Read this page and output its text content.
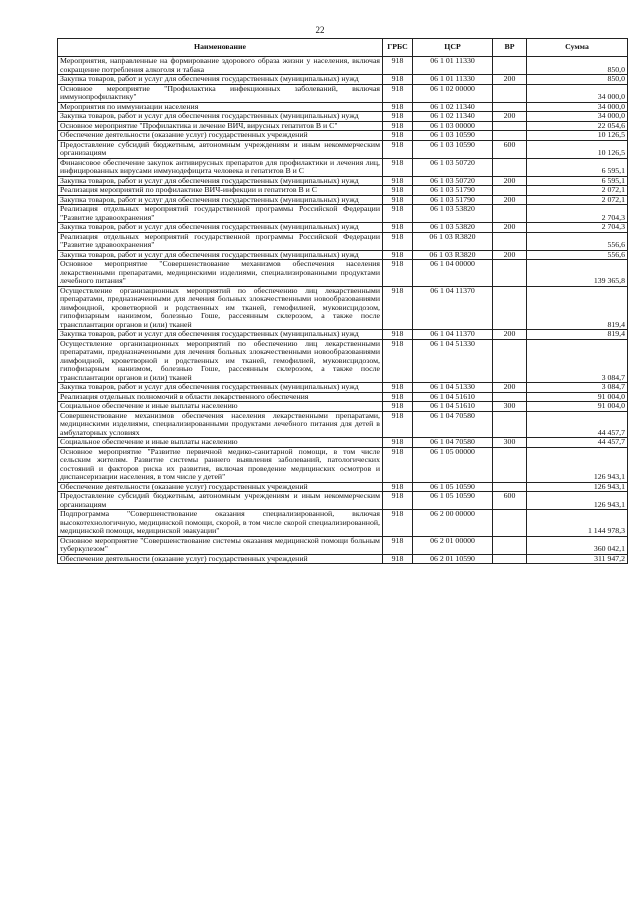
22
Наименование	ГРБС	ЦСР	ВР	Сумма
Мероприятия, направленные на формирование здорового образа жизни у населения, включая сокращение потребления алкоголя и табака	918	06 1 01 11330		850,0
Закупка товаров, работ и услуг для обеспечения государственных (муниципальных) нужд	918	06 1 01 11330	200	850,0
Основное мероприятие "Профилактика инфекционных заболеваний, включая иммунопрофилактику"	918	06 1 02 00000		34 000,0
Мероприятия по иммунизации населения	918	06 1 02 11340		34 000,0
Закупка товаров, работ и услуг для обеспечения государственных (муниципальных) нужд	918	06 1 02 11340	200	34 000,0
Основное мероприятие "Профилактика и лечение ВИЧ, вирусных гепатитов В и С"	918	06 1 03 00000		22 054,6
Обеспечение деятельности (оказание услуг) государственных учреждений	918	06 1 03 10590		10 126,5
Предоставление субсидий бюджетным, автономным учреждениям и иным некоммерческим организациям	918	06 1 03 10590	600	10 126,5
Финансовое обеспечение закупок антивирусных препаратов для профилактики и лечения лиц, инфицированных вирусами иммунодефицита человека и гепатитов В и С	918	06 1 03 50720		6 595,1
Закупка товаров, работ и услуг для обеспечения государственных (муниципальных) нужд	918	06 1 03 50720	200	6 595,1
Реализация мероприятий по профилактике ВИЧ-инфекции и гепатитов В и С	918	06 1 03 51790		2 072,1
Закупка товаров, работ и услуг для обеспечения государственных (муниципальных) нужд	918	06 1 03 51790	200	2 072,1
Реализация отдельных мероприятий государственной программы Российской Федерации "Развитие здравоохранения"	918	06 1 03 53820		2 704,3
Закупка товаров, работ и услуг для обеспечения государственных (муниципальных) нужд	918	06 1 03 53820	200	2 704,3
Реализация отдельных мероприятий государственной программы Российской Федерации "Развитие здравоохранения"	918	06 1 03 R3820		556,6
Закупка товаров, работ и услуг для обеспечения государственных (муниципальных) нужд	918	06 1 03 R3820	200	556,6
Основное мероприятие "Совершенствование механизмов обеспечения населения лекарственными препаратами, медицинскими изделиями, специализированными продуктами лечебного питания"	918	06 1 04 00000		139 365,8
Осуществление организационных мероприятий по обеспечению лиц лекарственными препаратами, предназначенными для лечения больных злокачественными новообразованиями лимфоидной, кроветворной и родственных им тканей, гемофилией, муковисцидозом, гипофизарным нанизмом, болезнью Гоше, рассеянным склерозом, а также после трансплантации органов и (или) тканей	918	06 1 04 11370		819,4
Закупка товаров, работ и услуг для обеспечения государственных (муниципальных) нужд	918	06 1 04 11370	200	819,4
Осуществление организационных мероприятий по обеспечению лиц лекарственными препаратами, предназначенными для лечения больных злокачественными новообразованиями лимфоидной, кроветворной и родственных им тканей, гемофилией, муковисцидозом, гипофизарным нанизмом, болезнью Гоше, рассеянным склерозом, а также после трансплантации органов и (или) тканей	918	06 1 04 51330		3 084,7
Закупка товаров, работ и услуг для обеспечения государственных (муниципальных) нужд	918	06 1 04 51330	200	3 084,7
Реализация отдельных полномочий в области лекарственного обеспечения	918	06 1 04 51610		91 004,0
Социальное обеспечение и иные выплаты населению	918	06 1 04 51610	300	91 004,0
Совершенствование механизмов обеспечения населения лекарственными препаратами, медицинскими изделиями, специализированными продуктами лечебного питания для детей в амбулаторных условиях	918	06 1 04 70580		44 457,7
Социальное обеспечение и иные выплаты населению	918	06 1 04 70580	300	44 457,7
Основное мероприятие "Развитие первичной медико-санитарной помощи, в том числе сельским жителям. Развитие системы раннего выявления заболеваний, патологических состояний и факторов риска их развития, включая проведение медицинских осмотров и диспансеризации населения, в том числе у детей"	918	06 1 05 00000		126 943,1
Обеспечение деятельности (оказание услуг) государственных учреждений	918	06 1 05 10590		126 943,1
Предоставление субсидий бюджетным, автономным учреждениям и иным некоммерческим организациям	918	06 1 05 10590	600	126 943,1
Подпрограмма "Совершенствование оказания специализированной, включая высокотехнологичную, медицинской помощи, скорой, в том числе скорой специализированной, медицинской помощи, медицинской эвакуации"	918	06 2 00 00000		1 144 978,3
Основное мероприятие "Совершенствование системы оказания медицинской помощи больным туберкулезом"	918	06 2 01 00000		360 042,1
Обеспечение деятельности (оказание услуг) государственных учреждений	918	06 2 01 10590		311 947,2
